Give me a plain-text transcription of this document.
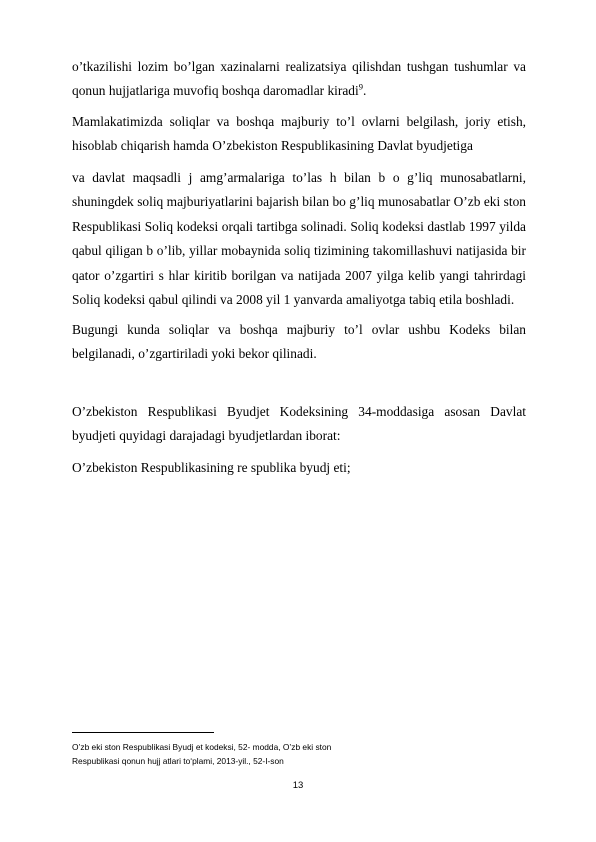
o’tkazilishi lozim bo’lgan xazinalarni realizatsiya qilishdan tushgan tushumlar va qonun hujjatlariga muvofiq boshqa daromadlar kiradi$^9$.

Mamlakatimizda soliqlar va boshqa majburiy to’l ovlarni belgilash, joriy etish, hisoblab chiqarish hamda O’zbekiston Respublikasining Davlat byudjetiga

va davlat maqsadli j amg’armalariga to’las h bilan b o g’liq munosabatlarni, shuningdek soliq majburiyatlarini bajarish bilan bo g’liq munosabatlar O’zb eki ston Respublikasi Soliq kodeksi orqali tartibga solinadi. Soliq kodeksi dastlab 1997 yilda qabul qiligan b o’lib, yillar mobaynida soliq tizimining takomillashuvi natijasida bir qator o’zgartiri s hlar kiritib borilgan va natijada 2007 yilga kelib yangi tahrirdagi Soliq kodeksi qabul qilindi va 2008 yil 1 yanvarda amaliyotga tabiq etila boshladi.

Bugungi kunda soliqlar va boshqa majburiy to’l ovlar ushbu Kodeks bilan belgilanadi, o’zgartiriladi yoki bekor qilinadi.

O’zbekiston Respublikasi Byudjet Kodeksining 34-moddasiga asosan Davlat byudjeti quyidagi darajadagi byudjetlardan iborat:

O’zbekiston Respublikasining re spublika byudj eti;

O’zb eki ston Respublikasi Byudj et kodeksi, 52- modda, O’zb eki ston

Respublikasi qonun hujj atlari to‘plami, 2013-yil., 52-I-son

13
